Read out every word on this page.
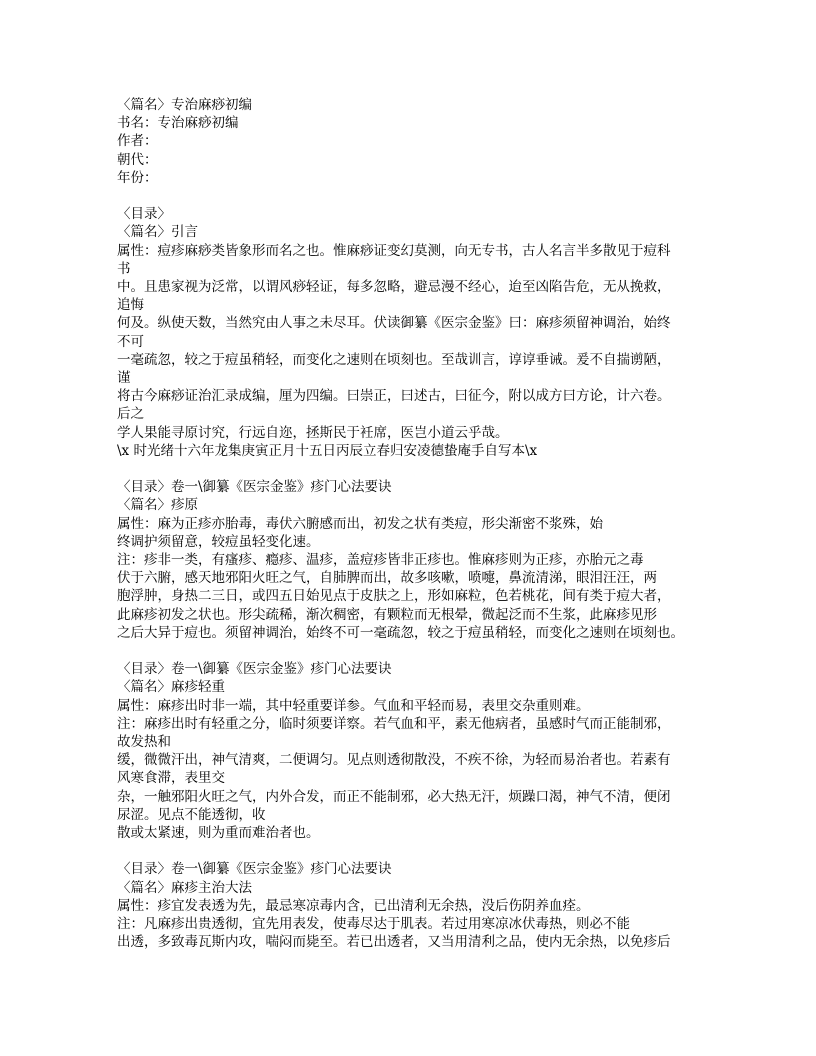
〈篇名〉专治麻痧初编
书名：专治麻痧初编
作者：
朝代：
年份：
〈目录〉
〈篇名〉引言
属性：痘疹麻痧类皆象形而名之也。惟麻痧证变幻莫测，向无专书，古人名言半多散见于痘科
书
中。且患家视为泛常，以谓风痧轻证，每多忽略，避忌漫不经心，迨至凶陷告危，无从挽救，
追悔
何及。纵使天数，当然究由人事之未尽耳。伏读御纂《医宗金鉴》曰：麻疹须留神调治，始终
不可
一毫疏忽，较之于痘虽稍轻，而变化之速则在顷刻也。至哉训言，谆谆垂诫。爰不自揣谫陋，
谨
将古今麻痧证治汇录成编，厘为四编。曰崇正，曰述古，曰征今，附以成方曰方论，计六卷。
后之
学人果能寻原讨究，行远自迩，拯斯民于衽席，医岂小道云乎哉。
\x 时光绪十六年龙集庚寅正月十五日丙辰立春归安凌德蛰庵手自写本\x
〈目录〉卷一\御纂《医宗金鉴》疹门心法要诀
〈篇名〉疹原
属性：麻为正疹亦胎毒，毒伏六腑感而出，初发之状有类痘，形尖渐密不浆殊，始
终调护须留意，较痘虽轻变化速。
注：疹非一类，有瘙疹、瘾疹、温疹，盖痘疹皆非正疹也。惟麻疹则为正疹，亦胎元之毒
伏于六腑，感天地邪阳火旺之气，自肺脾而出，故多咳嗽，喷嚏，鼻流清涕，眼泪汪汪，两
胞浮肿，身热二三日，或四五日始见点于皮肤之上，形如麻粒，色若桃花，间有类于痘大者，
此麻疹初发之状也。形尖疏稀，渐次稠密，有颗粒而无根晕，微起泛而不生浆，此麻疹见形
之后大异于痘也。须留神调治，始终不可一毫疏忽，较之于痘虽稍轻，而变化之速则在顷刻也。
〈目录〉卷一\御纂《医宗金鉴》疹门心法要诀
〈篇名〉麻疹轻重
属性：麻疹出时非一端，其中轻重要详参。气血和平轻而易，表里交杂重则难。
注：麻疹出时有轻重之分，临时须要详察。若气血和平，素无他病者，虽感时气而正能制邪，
故发热和
缓，微微汗出，神气清爽，二便调匀。见点则透彻散没，不疾不徐，为轻而易治者也。若素有
风寒食滞，表里交
杂，一触邪阳火旺之气，内外合发，而正不能制邪，必大热无汗，烦躁口渴，神气不清，便闭
尿涩。见点不能透彻，收
散或太紧速，则为重而难治者也。
〈目录〉卷一\御纂《医宗金鉴》疹门心法要诀
〈篇名〉麻疹主治大法
属性：疹宜发表透为先，最忌寒凉毒内含，已出清利无余热，没后伤阴养血痊。
注：凡麻疹出贵透彻，宜先用表发，使毒尽达于肌表。若过用寒凉冰伏毒热，则必不能
出透，多致毒瓦斯内攻，喘闷而毙至。若已出透者，又当用清利之品，使内无余热，以免疹后
